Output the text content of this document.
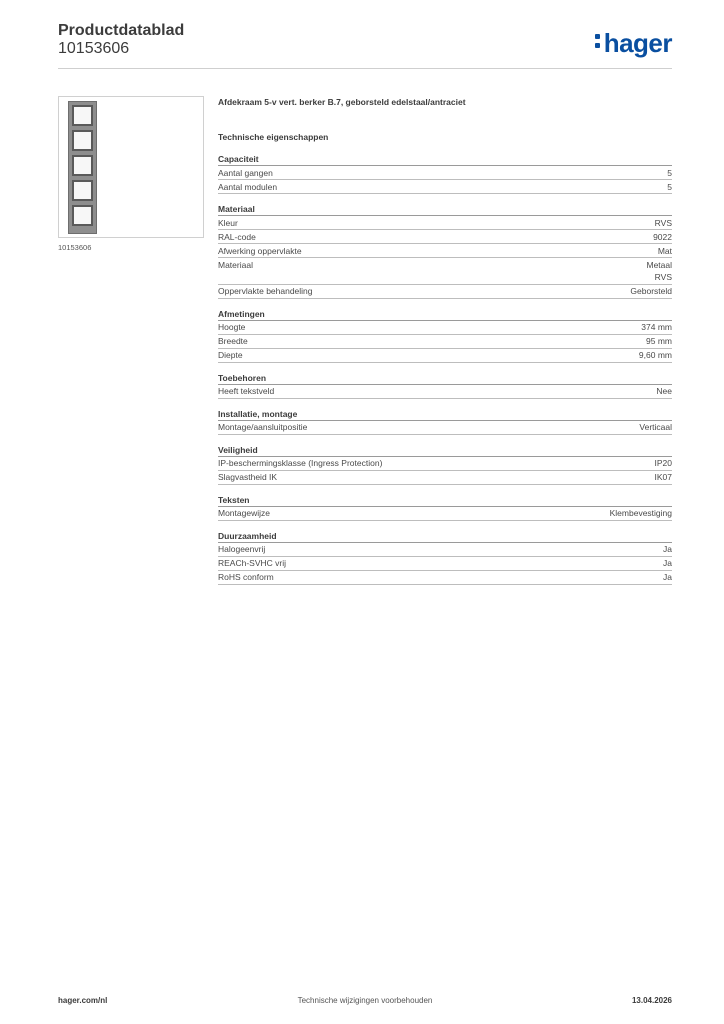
Productdatablad
10153606	hager
10153606
Afdekraam 5-v vert. berker B.7, geborsteld edelstaal/antraciet
Technische eigenschappen
Capaciteit
Aantal gangen	5
Aantal modulen	5
Materiaal
Kleur	RVS
RAL-code	9022
Afwerking oppervlakte	Mat
Materiaal	Metaal
RVS
Oppervlakte behandeling	Geborsteld
Afmetingen
Hoogte	374 mm
Breedte	95 mm
Diepte	9,60 mm
Toebehoren
Heeft tekstveld	Nee
Installatie, montage
Montage/aansluitpositie	Verticaal
Veiligheid
IP-beschermingsklasse (Ingress Protection)	IP20
Slagvastheid IK	IK07
Teksten
Montagewijze	Klembevestiging
Duurzaamheid
Halogeenvrij	Ja
REACh-SVHC vrij	Ja
RoHS conform	Ja
hager.com/nl	Technische wijzigingen voorbehouden	13.04.2026
